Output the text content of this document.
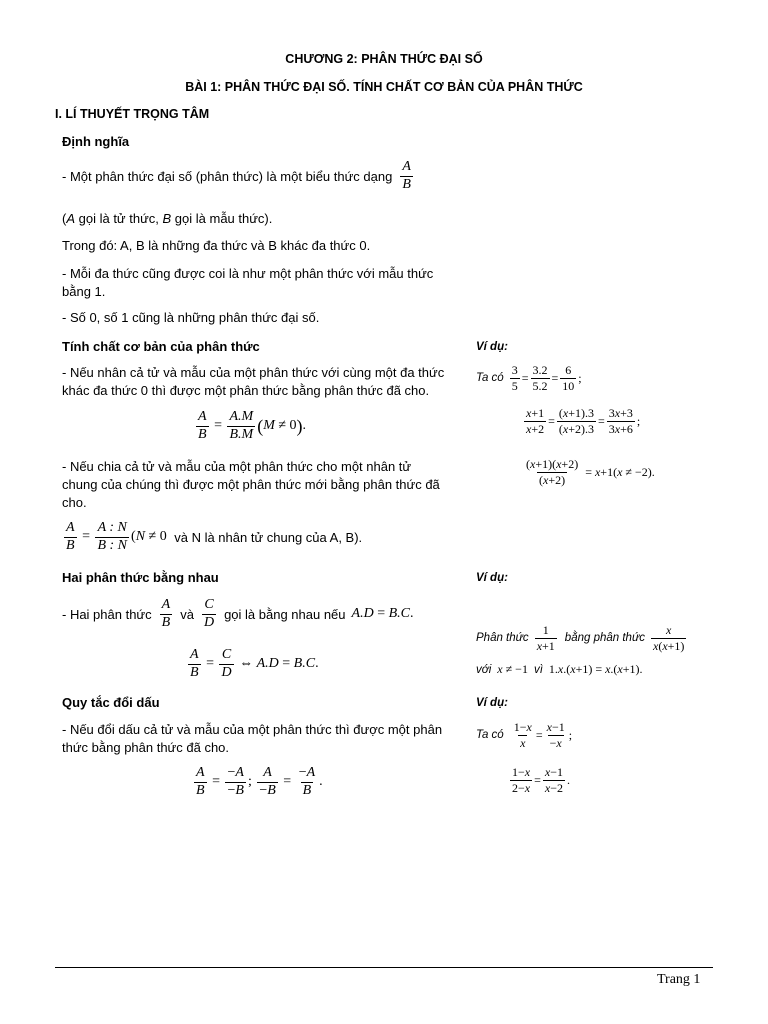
CHƯƠNG 2: PHÂN THỨC ĐẠI SỐ
BÀI 1: PHÂN THỨC ĐẠI SỐ. TÍNH CHẤT CƠ BẢN CỦA PHÂN THỨC
I. LÍ THUYẾT TRỌNG TÂM
Định nghĩa
- Một phân thức đại số (phân thức) là một biểu thức dạng $\frac{A}{B}$
(A gọi là tử thức, B gọi là mẫu thức).
Trong đó: A, B là những đa thức và B khác đa thức 0.

- Mỗi đa thức cũng được coi là như một phân thức với mẫu thức bằng 1.

- Số 0, số 1 cũng là những phân thức đại số.
Tính chất cơ bản của phân thức

- Nếu nhân cả tử và mẫu của một phân thức với cùng một đa thức khác đa thức 0 thì được một phân thức bằng phân thức đã cho.

$\frac{A}{B} = \frac{A.M}{B.M}$ ( M ≠ 0 ) .

- Nếu chia cả tử và mẫu của một phân thức cho một nhân tử chung của chúng thì được một phân thức mới bằng phân thức đã cho.

$\frac{A}{B} = \frac{A : N}{B : N}$ ( N ≠ 0 và N là nhân tử chung của A, B).
Hai phân thức bằng nhau
- Hai phân thức $\frac{A}{B}$ và $\frac{C}{D}$ gọi là bằng nhau nếu A.D = B.C.
$\frac{A}{B} = \frac{C}{D}$ ⇔ A.D = B.C .
Quy tắc đổi dấu

- Nếu đổi dấu cả tử và mẫu của một phân thức thì được một phân thức bằng phân thức đã cho.

$\frac{A}{B} = \frac{-A}{-B}$ ; $\frac{A}{-B} = \frac{-A}{B}$ .
Ví dụ:
Ta có $\frac{3}{5} = \frac{3.2}{5.2} = \frac{6}{10}$ ;
$\frac{x+1}{x+2} = \frac{(x+1).3}{(x+2).3} = \frac{3x+3}{3x+6}$ ;
$\frac{(x+1)(x+2)}{(x+2)} = x +1$( x ≠ −2).
Ví dụ:
Phân thức $\frac{1}{x+1}$ bằng phân thức $\frac{x}{x(x+1)}$
với x ≠ −1 vì 1.x.(x+1) = x.(x+1).
Ví dụ:
Ta có $\frac{1-x}{x} = \frac{x-1}{-x}$ ;
$\frac{1-x}{2-x} = \frac{x-1}{x-2}$ .
Trang 1
